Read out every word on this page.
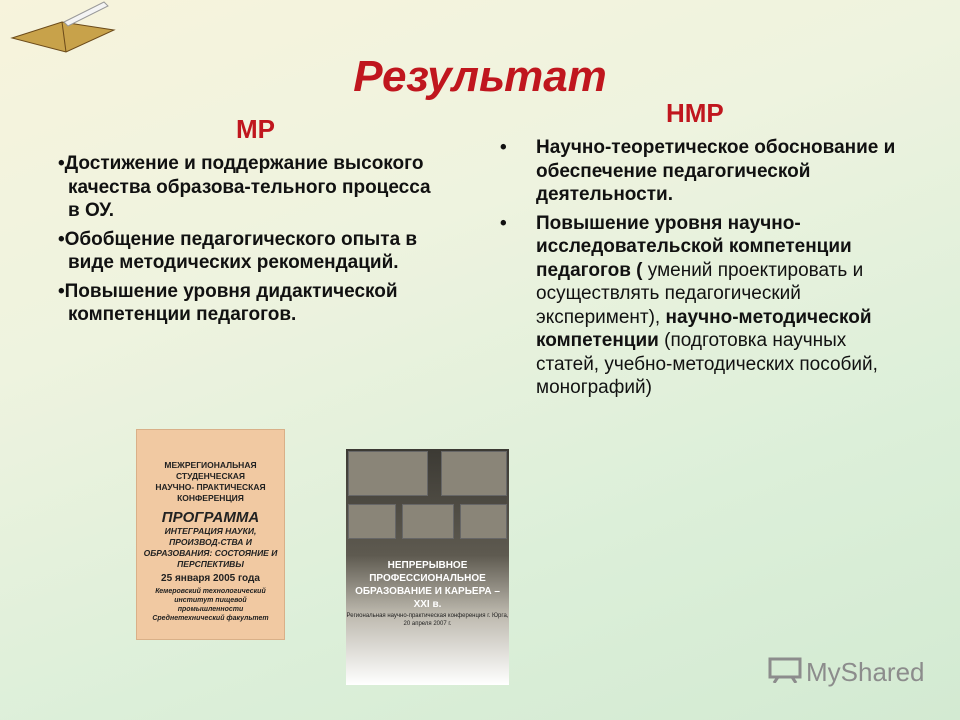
Результат
МР
НМР
•Достижение и поддержание высокого качества образова-тельного процесса в ОУ.
•Обобщение педагогического опыта в виде методических рекомендаций.
•Повышение уровня дидактической компетенции педагогов.
• Научно-теоретическое обоснование и обеспечение педагогической деятельности.
• Повышение уровня научно-исследовательской компетенции педагогов ( умений проектировать и осуществлять педагогический эксперимент), научно-методической компетенции (подготовка научных статей, учебно-методических пособий, монографий)
МЕЖРЕГИОНАЛЬНАЯ
СТУДЕНЧЕСКАЯ
НАУЧНО- ПРАКТИЧЕСКАЯ
КОНФЕРЕНЦИЯ
ПРОГРАММА
ИНТЕГРАЦИЯ НАУКИ, ПРОИЗВОД-СТВА И ОБРАЗОВАНИЯ: СОСТОЯНИЕ И ПЕРСПЕКТИВЫ
25 января 2005 года
Кемеровский технологический институт пищевой промышленности Среднетехнический факультет
НЕПРЕРЫВНОЕ ПРОФЕССИОНАЛЬНОЕ ОБРАЗОВАНИЕ И КАРЬЕРА – XXI в.
Региональная научно-практическая конференция г. Юрга, 20 апреля 2007 г.
MyShared
